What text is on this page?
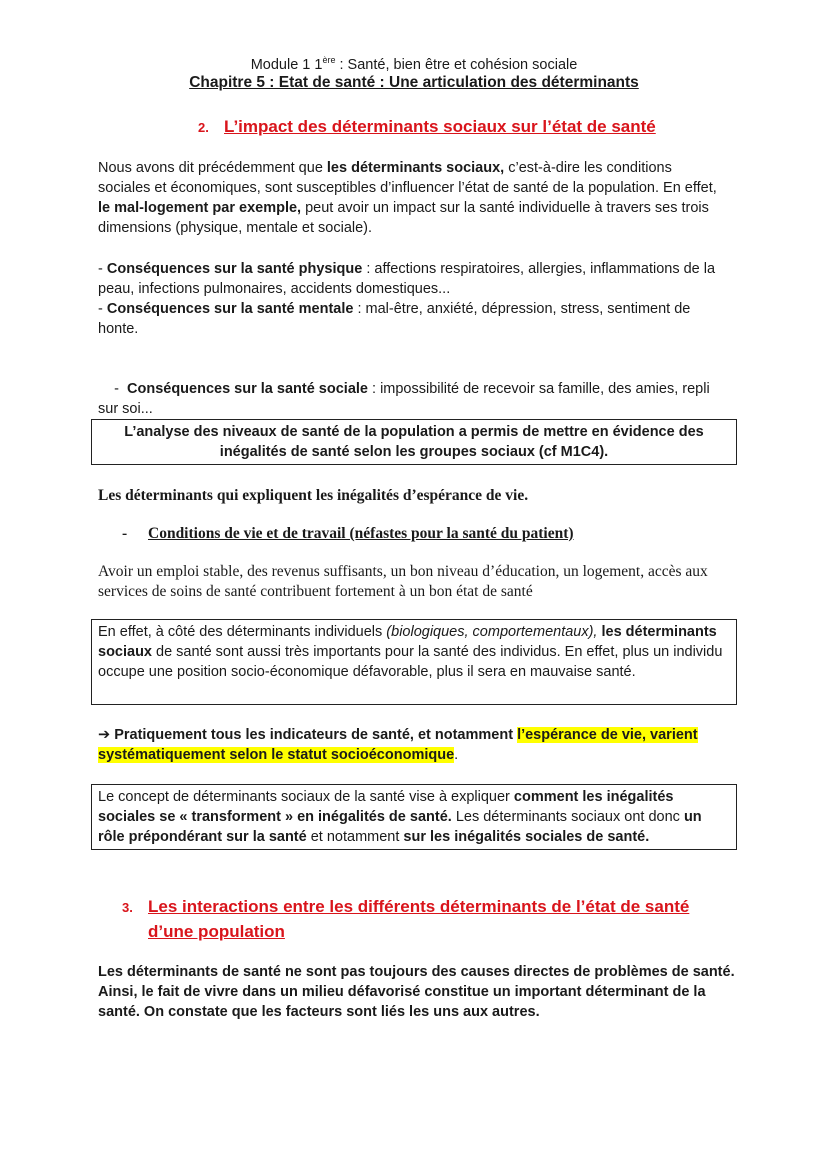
Module 1 1ère : Santé, bien être et cohésion sociale
Chapitre 5 : Etat de santé : Une articulation des déterminants
2. L’impact des déterminants sociaux sur l’état de santé

Nous avons dit précédemment que les déterminants sociaux, c’est-à-dire les conditions sociales et économiques, sont susceptibles d’influencer l’état de santé de la population. En effet, le mal-logement par exemple, peut avoir un impact sur la santé individuelle à travers ses trois dimensions (physique, mentale et sociale).

- Conséquences sur la santé physique : affections respiratoires, allergies, inflammations de la peau, infections pulmonaires, accidents domestiques...

- Conséquences sur la santé mentale : mal-être, anxiété, dépression, stress, sentiment de honte.

-  Conséquences sur la santé sociale : impossibilité de recevoir sa famille, des amies, repli sur soi...

L’analyse des niveaux de santé de la population a permis de mettre en évidence des inégalités de santé selon les groupes sociaux (cf M1C4).

Les déterminants qui expliquent les inégalités d’espérance de vie.

- Conditions de vie et de travail (néfastes pour la santé du patient)

Avoir un emploi stable, des revenus suffisants, un bon niveau d’éducation, un logement, accès aux services de soins de santé contribuent fortement à un bon état de santé

En effet, à côté des déterminants individuels (biologiques, comportementaux), les déterminants sociaux de santé sont aussi très importants pour la santé des individus. En effet, plus un individu occupe une position socio-économique défavorable, plus il sera en mauvaise santé.

➔ Pratiquement tous les indicateurs de santé, et notamment l’espérance de vie, varient systématiquement selon le statut socioéconomique.

Le concept de déterminants sociaux de la santé vise à expliquer comment les inégalités sociales se « transforment » en inégalités de santé. Les déterminants sociaux ont donc un rôle prépondérant sur la santé et notamment sur les inégalités sociales de santé.

3. Les interactions entre les différents déterminants de l’état de santé
d’une population

Les déterminants de santé ne sont pas toujours des causes directes de problèmes de santé. Ainsi, le fait de vivre dans un milieu défavorisé constitue un important déterminant de la santé. On constate que les facteurs sont liés les uns aux autres.
